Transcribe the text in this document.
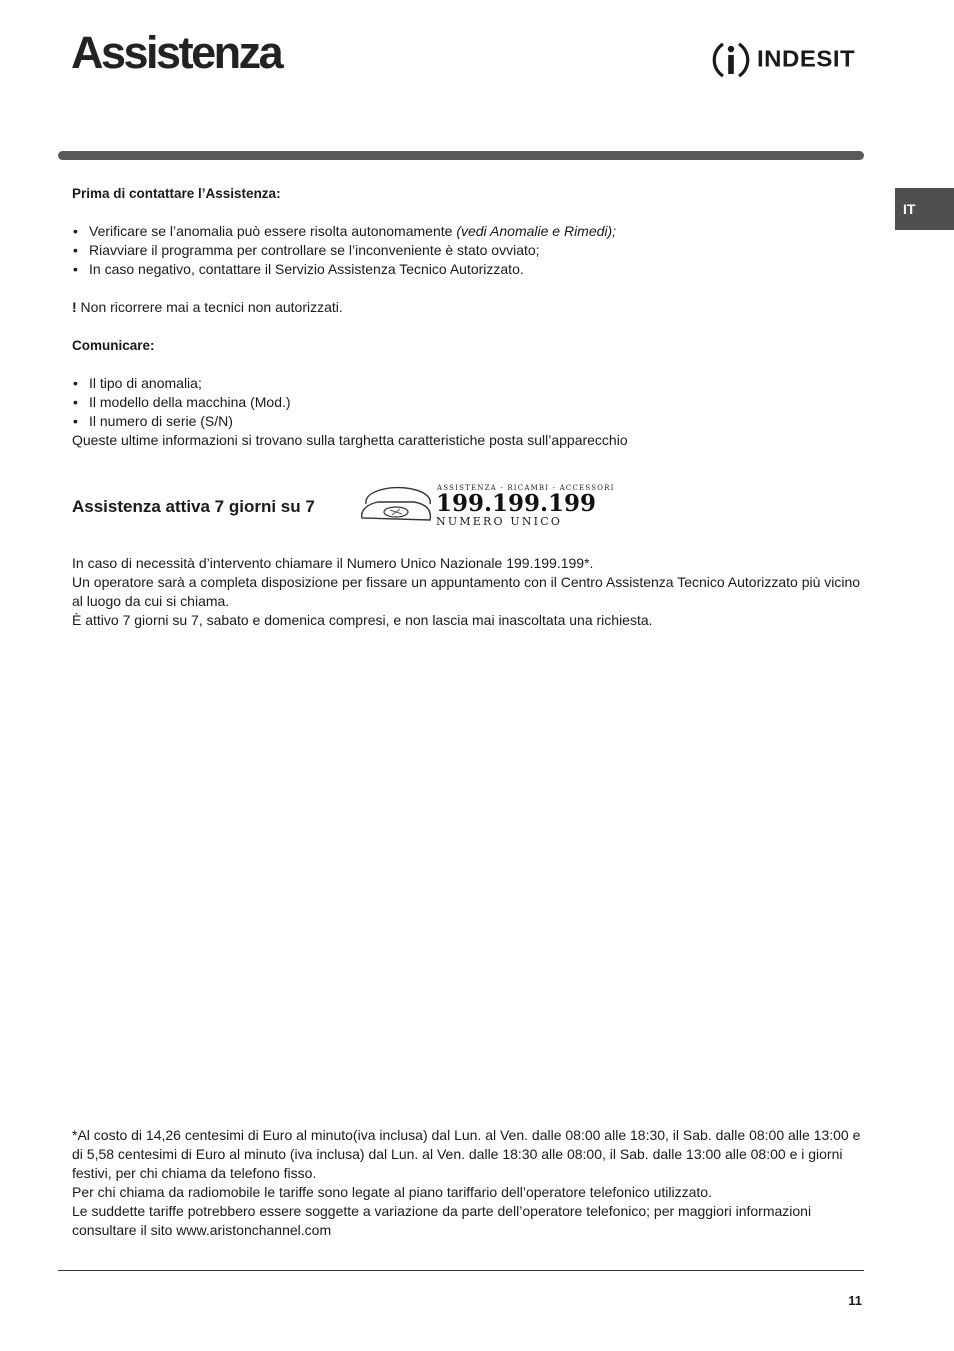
Assistenza	INDESIT
IT

Prima di contattare l’Assistenza:

• Verificare se l’anomalia può essere risolta autonomamente (vedi Anomalie e Rimedi);
• Riavviare il programma per controllare se l’inconveniente è stato ovviato;
• In caso negativo, contattare il Servizio Assistenza Tecnico Autorizzato.

! Non ricorrere mai a tecnici non autorizzati.

Comunicare:

• Il tipo di anomalia;
• Il modello della macchina (Mod.)
• Il numero di serie (S/N)

Queste ultime informazioni si trovano sulla targhetta caratteristiche posta sull’apparecchio

Assistenza attiva 7 giorni su 7
ASSISTENZA - RICAMBI - ACCESSORI
199.199.199
NUMERO UNICO

In caso di necessità d’intervento chiamare il Numero Unico Nazionale 199.199.199*.

Un operatore sarà a completa disposizione per fissare un appuntamento con il Centro Assistenza Tecnico Autorizzato più vicino al luogo da cui si chiama.

È attivo 7 giorni su 7, sabato e domenica compresi, e non lascia mai inascoltata una richiesta.

*Al costo di 14,26 centesimi di Euro al minuto(iva inclusa) dal Lun. al Ven. dalle 08:00 alle 18:30, il Sab. dalle 08:00 alle 13:00 e di 5,58 centesimi di Euro al minuto (iva inclusa) dal Lun. al Ven. dalle 18:30 alle 08:00, il Sab. dalle 13:00 alle 08:00 e i giorni festivi, per chi chiama da telefono fisso.

Per chi chiama da radiomobile le tariffe sono legate al piano tariffario dell’operatore telefonico utilizzato.

Le suddette tariffe potrebbero essere soggette a variazione da parte dell’operatore telefonico; per maggiori informazioni consultare il sito www.aristonchannel.com

11
